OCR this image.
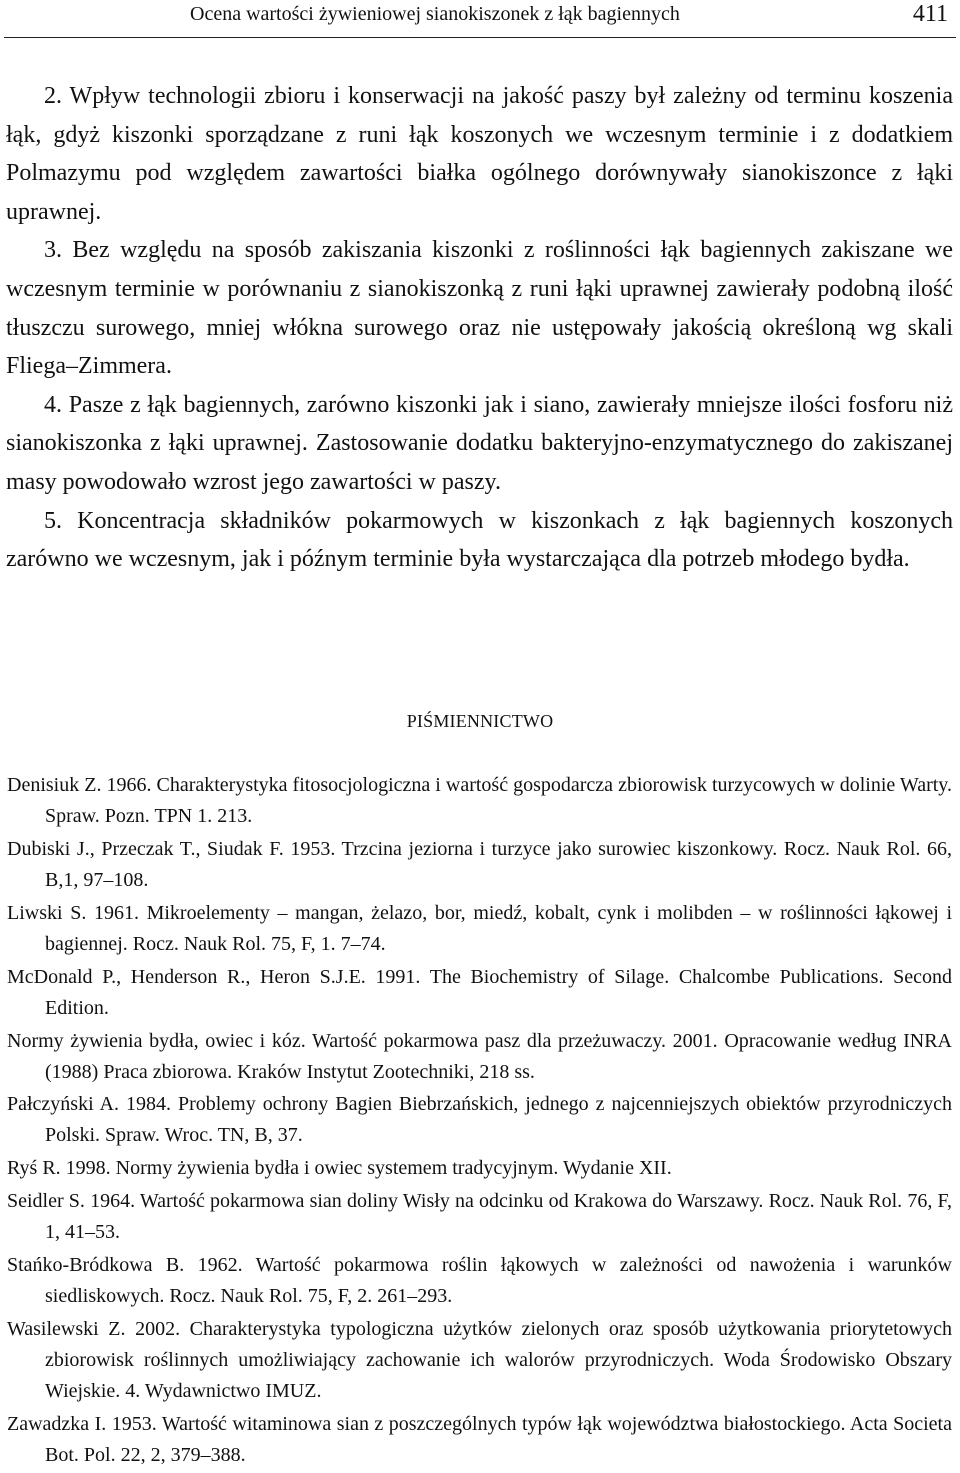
Ocena wartości żywieniowej sianokiszonek z łąk bagiennych	411

2. Wpływ technologii zbioru i konserwacji na jakość paszy był zależny od terminu koszenia łąk, gdyż kiszonki sporządzane z runi łąk koszonych we wczesnym terminie i z dodatkiem Polmazymu pod względem zawartości białka ogólnego dorównywały sianokiszonce z łąki uprawnej.

3. Bez względu na sposób zakiszania kiszonki z roślinności łąk bagiennych zakiszane we wczesnym terminie w porównaniu z sianokiszonką z runi łąki uprawnej zawierały podobną ilość tłuszczu surowego, mniej włókna surowego oraz nie ustępowały jakością określoną wg skali Fliega–Zimmera.

4. Pasze z łąk bagiennych, zarówno kiszonki jak i siano, zawierały mniejsze ilości fosforu niż sianokiszonka z łąki uprawnej. Zastosowanie dodatku bakteryjno-enzymatycznego do zakiszanej masy powodowało wzrost jego zawartości w paszy.

5. Koncentracja składników pokarmowych w kiszonkach z łąk bagiennych koszonych zarówno we wczesnym, jak i późnym terminie była wystarczająca dla potrzeb młodego bydła.

PIŚMIENNICTWO

Denisiuk Z. 1966. Charakterystyka fitosocjologiczna i wartość gospodarcza zbiorowisk turzycowych w dolinie Warty. Spraw. Pozn. TPN 1. 213.

Dubiski J., Przeczak T., Siudak F. 1953. Trzcina jeziorna i turzyce jako surowiec kiszonkowy. Rocz. Nauk Rol. 66, B,1, 97–108.

Liwski S. 1961. Mikroelementy – mangan, żelazo, bor, miedź, kobalt, cynk i molibden – w roślinności łąkowej i bagiennej. Rocz. Nauk Rol. 75, F, 1. 7–74.

McDonald P., Henderson R., Heron S.J.E. 1991. The Biochemistry of Silage. Chalcombe Publications. Second Edition.

Normy żywienia bydła, owiec i kóz. Wartość pokarmowa pasz dla przeżuwaczy. 2001. Opracowanie według INRA (1988) Praca zbiorowa. Kraków Instytut Zootechniki, 218 ss.

Pałczyński A. 1984. Problemy ochrony Bagien Biebrzańskich, jednego z najcenniejszych obiektów przyrodniczych Polski. Spraw. Wroc. TN, B, 37.

Ryś R. 1998. Normy żywienia bydła i owiec systemem tradycyjnym. Wydanie XII.

Seidler S. 1964. Wartość pokarmowa sian doliny Wisły na odcinku od Krakowa do Warszawy. Rocz. Nauk Rol. 76, F, 1, 41–53.

Stańko-Bródkowa B. 1962. Wartość pokarmowa roślin łąkowych w zależności od nawożenia i warunków siedliskowych. Rocz. Nauk Rol. 75, F, 2. 261–293.

Wasilewski Z. 2002. Charakterystyka typologiczna użytków zielonych oraz sposób użytkowania priorytetowych zbiorowisk roślinnych umożliwiający zachowanie ich walorów przyrodniczych. Woda Środowisko Obszary Wiejskie. 4. Wydawnictwo IMUZ.

Zawadzka I. 1953. Wartość witaminowa sian z poszczególnych typów łąk województwa białostockiego. Acta Societa Bot. Pol. 22, 2, 379–388.
